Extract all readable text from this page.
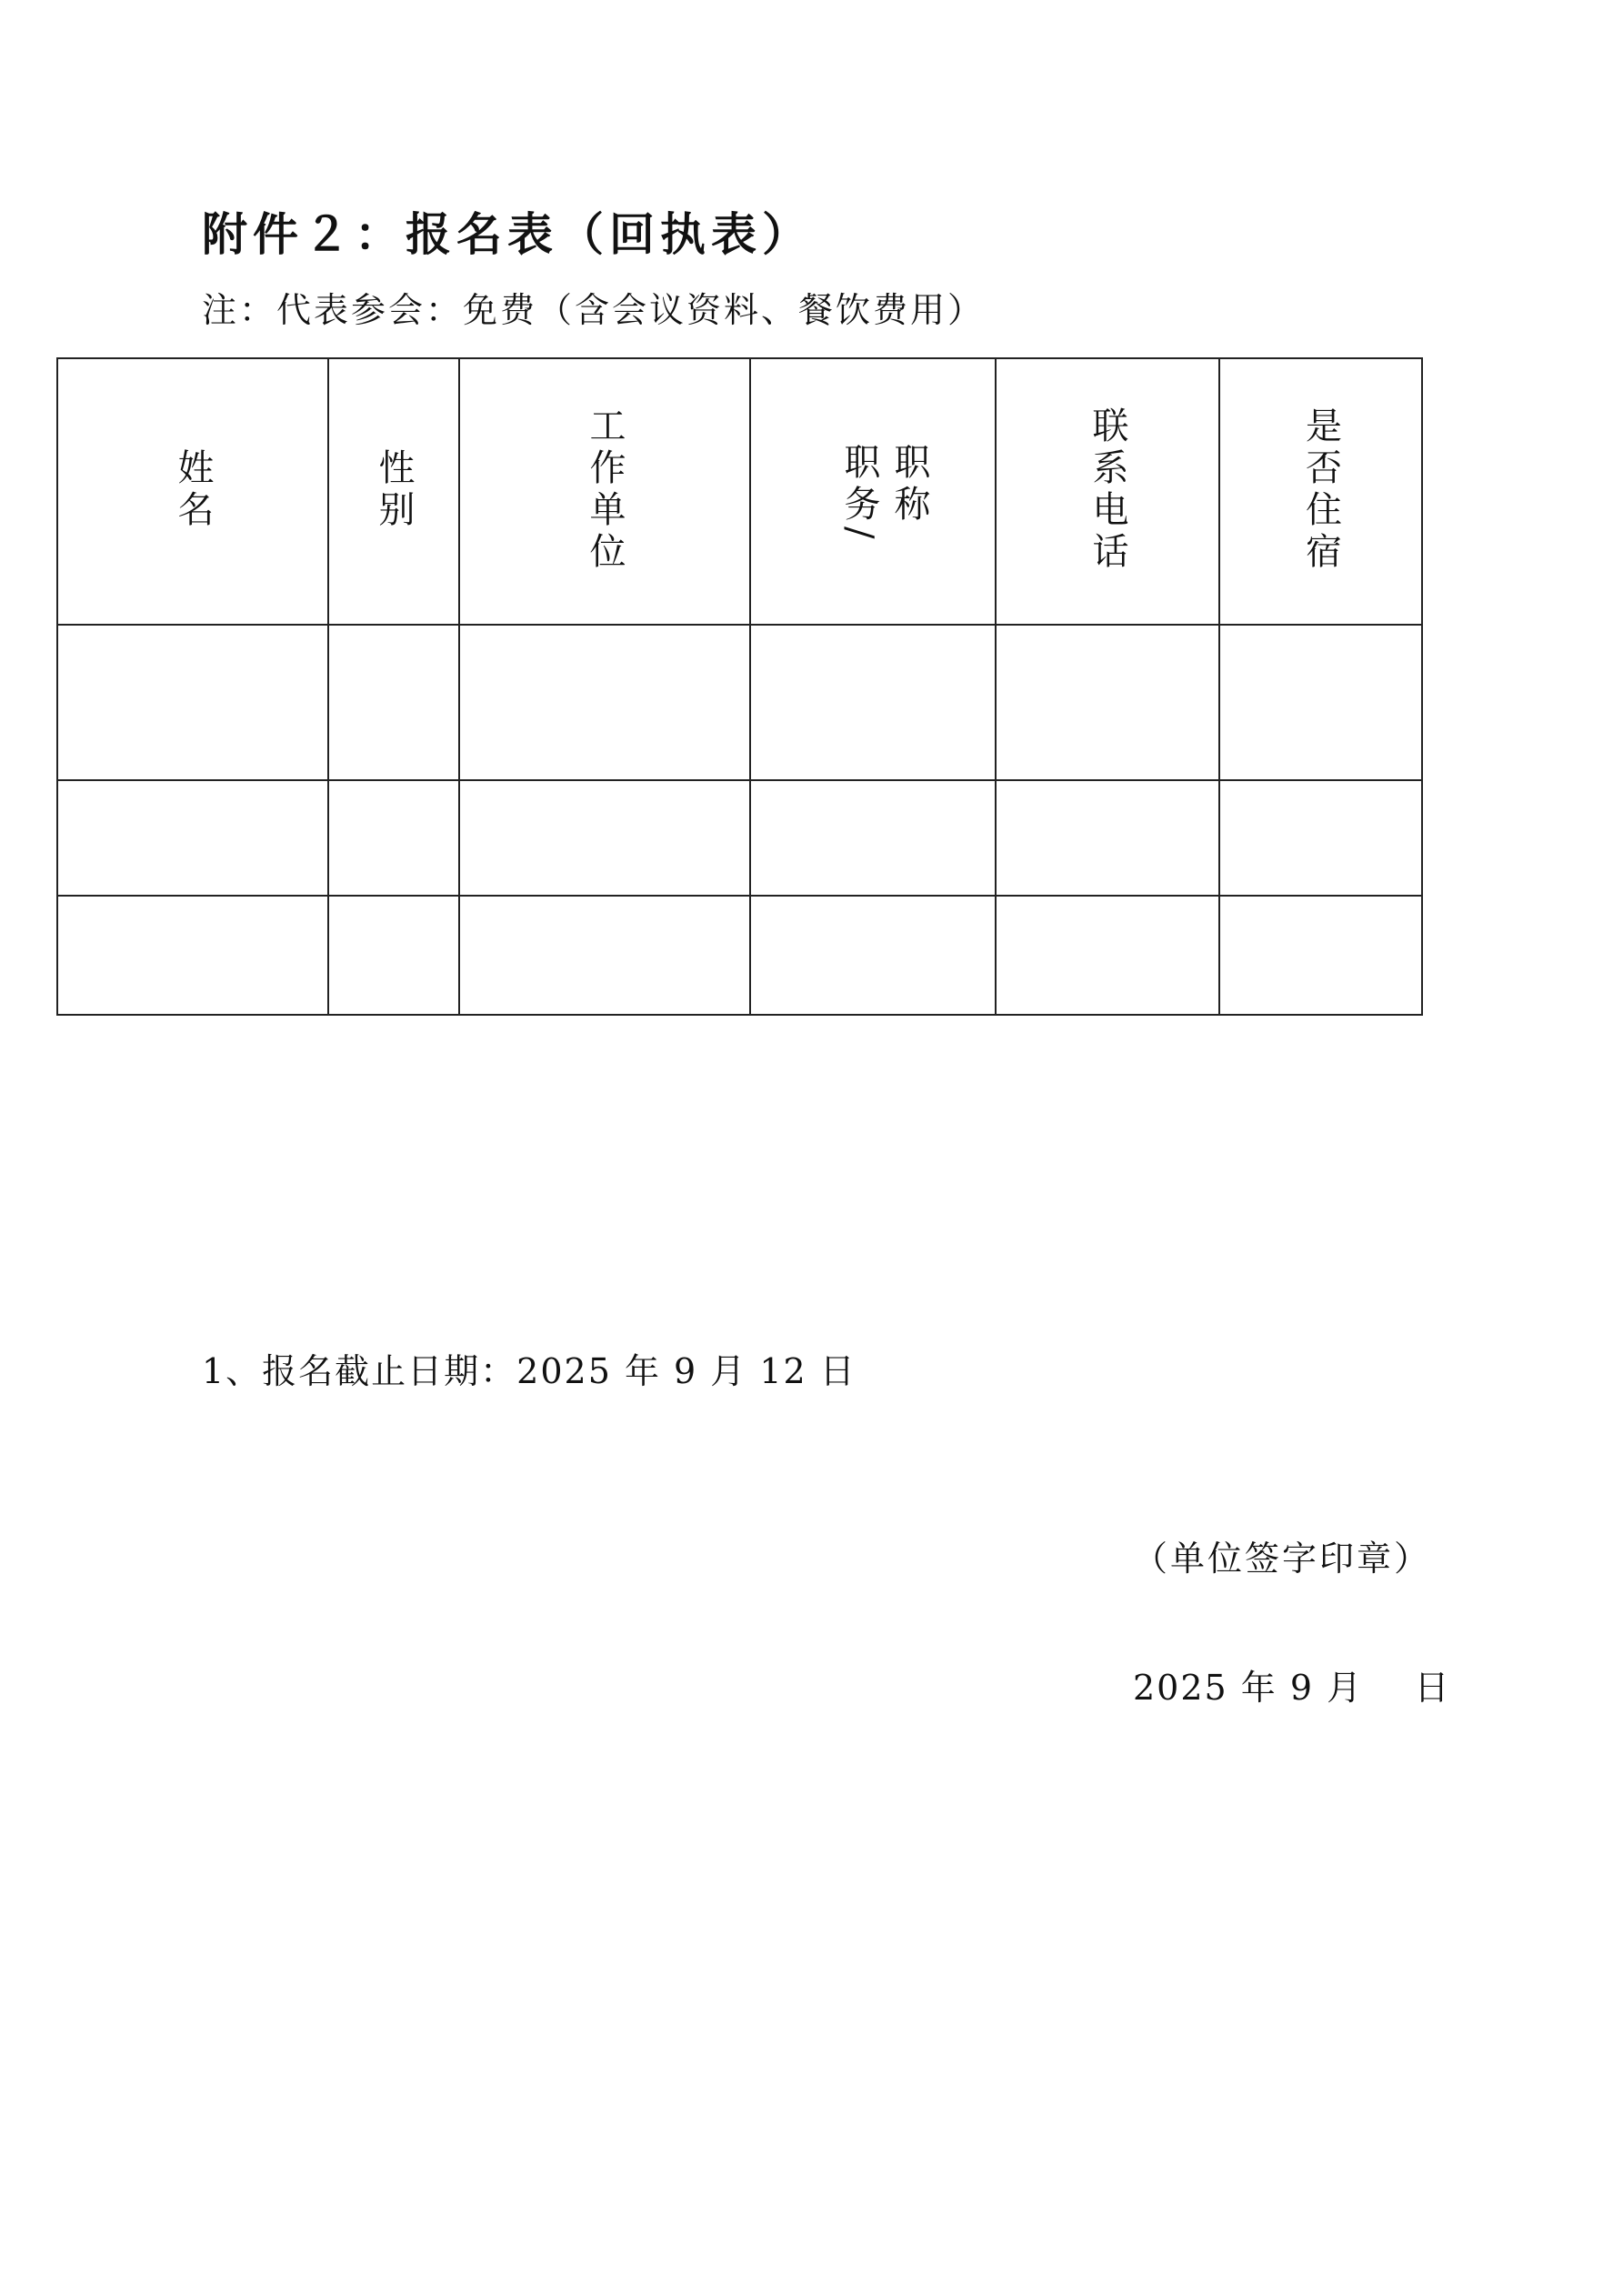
附件２：报名表（回执表）
注：代表参会：免费（含会议资料、餐饮费用）
姓名	性别	工作单位	职务/ 职称	联系电话	是否住宿

1、报名截止日期：2025 年 9 月 12 日
（单位签字印章）
2025 年 9 月    日
